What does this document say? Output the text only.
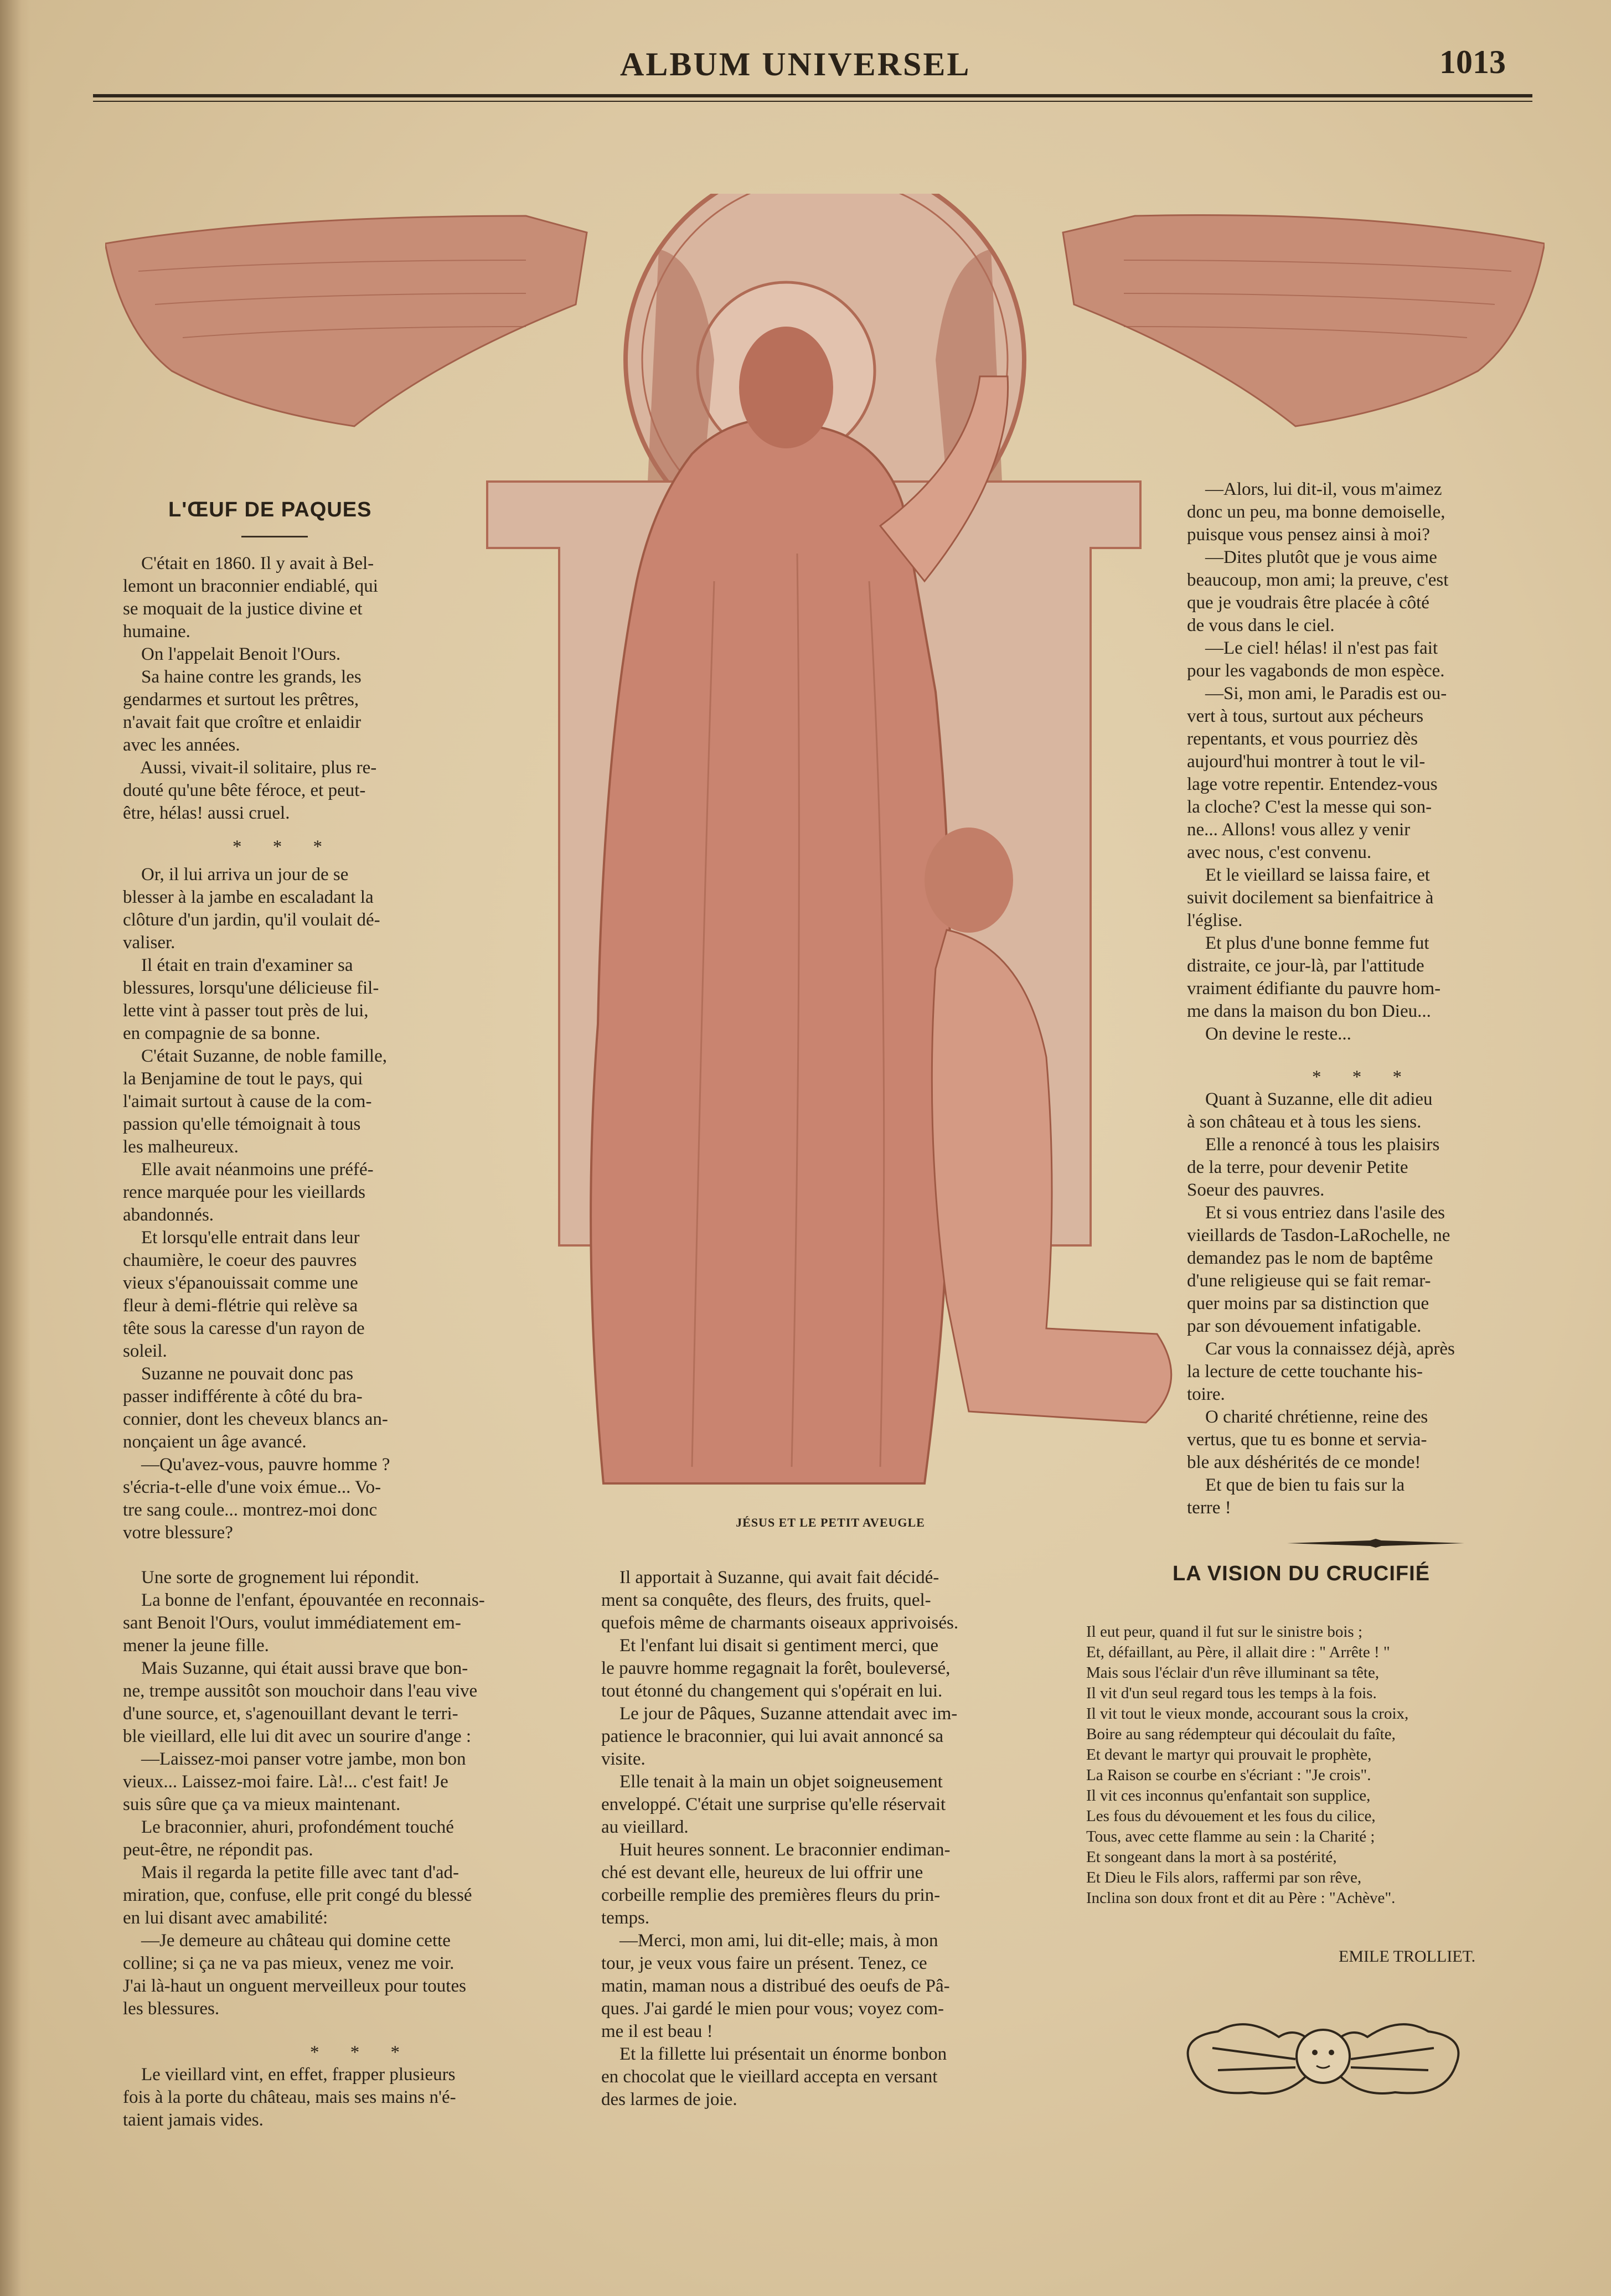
ALBUM UNIVERSEL	1013
JÉSUS ET LE PETIT AVEUGLE
L'ŒUF DE PAQUES
C'était en 1860. Il y avait à Bel-
lemont un braconnier endiablé, qui
se moquait de la justice divine et
humaine.
On l'appelait Benoit l'Ours.
Sa haine contre les grands, les
gendarmes et surtout les prêtres,
n'avait fait que croître et enlaidir
avec les années.
Aussi, vivait-il solitaire, plus re-
douté qu'une bête féroce, et peut-
être, hélas! aussi cruel.
* * *
Or, il lui arriva un jour de se
blesser à la jambe en escaladant la
clôture d'un jardin, qu'il voulait dé-
valiser.
Il était en train d'examiner sa
blessures, lorsqu'une délicieuse fil-
lette vint à passer tout près de lui,
en compagnie de sa bonne.
C'était Suzanne, de noble famille,
la Benjamine de tout le pays, qui
l'aimait surtout à cause de la com-
passion qu'elle témoignait à tous
les malheureux.
Elle avait néanmoins une préfé-
rence marquée pour les vieillards
abandonnés.
Et lorsqu'elle entrait dans leur
chaumière, le coeur des pauvres
vieux s'épanouissait comme une
fleur à demi-flétrie qui relève sa
tête sous la caresse d'un rayon de
soleil.
Suzanne ne pouvait donc pas
passer indifférente à côté du bra-
connier, dont les cheveux blancs an-
nonçaient un âge avancé.
—Qu'avez-vous, pauvre homme ?
s'écria-t-elle d'une voix émue... Vo-
tre sang coule... montrez-moi donc
votre blessure?
Une sorte de grognement lui répondit.
La bonne de l'enfant, épouvantée en reconnais-
sant Benoit l'Ours, voulut immédiatement em-
mener la jeune fille.
Mais Suzanne, qui était aussi brave que bon-
ne, trempe aussitôt son mouchoir dans l'eau vive
d'une source, et, s'agenouillant devant le terri-
ble vieillard, elle lui dit avec un sourire d'ange :
—Laissez-moi panser votre jambe, mon bon
vieux... Laissez-moi faire. Là!... c'est fait! Je
suis sûre que ça va mieux maintenant.
Le braconnier, ahuri, profondément touché
peut-être, ne répondit pas.
Mais il regarda la petite fille avec tant d'ad-
miration, que, confuse, elle prit congé du blessé
en lui disant avec amabilité:
—Je demeure au château qui domine cette
colline; si ça ne va pas mieux, venez me voir.
J'ai là-haut un onguent merveilleux pour toutes
les blessures.
* * *
Le vieillard vint, en effet, frapper plusieurs
fois à la porte du château, mais ses mains n'é-
taient jamais vides.
Il apportait à Suzanne, qui avait fait décidé-
ment sa conquête, des fleurs, des fruits, quel-
quefois même de charmants oiseaux apprivoisés.
Et l'enfant lui disait si gentiment merci, que
le pauvre homme regagnait la forêt, bouleversé,
tout étonné du changement qui s'opérait en lui.
Le jour de Pâques, Suzanne attendait avec im-
patience le braconnier, qui lui avait annoncé sa
visite.
Elle tenait à la main un objet soigneusement
enveloppé. C'était une surprise qu'elle réservait
au vieillard.
Huit heures sonnent. Le braconnier endiman-
ché est devant elle, heureux de lui offrir une
corbeille remplie des premières fleurs du prin-
temps.
—Merci, mon ami, lui dit-elle; mais, à mon
tour, je veux vous faire un présent. Tenez, ce
matin, maman nous a distribué des oeufs de Pâ-
ques. J'ai gardé le mien pour vous; voyez com-
me il est beau !
Et la fillette lui présentait un énorme bonbon
en chocolat que le vieillard accepta en versant
des larmes de joie.
—Alors, lui dit-il, vous m'aimez
donc un peu, ma bonne demoiselle,
puisque vous pensez ainsi à moi?
—Dites plutôt que je vous aime
beaucoup, mon ami; la preuve, c'est
que je voudrais être placée à côté
de vous dans le ciel.
—Le ciel! hélas! il n'est pas fait
pour les vagabonds de mon espèce.
—Si, mon ami, le Paradis est ou-
vert à tous, surtout aux pécheurs
repentants, et vous pourriez dès
aujourd'hui montrer à tout le vil-
lage votre repentir. Entendez-vous
la cloche? C'est la messe qui son-
ne... Allons! vous allez y venir
avec nous, c'est convenu.
Et le vieillard se laissa faire, et
suivit docilement sa bienfaitrice à
l'église.
Et plus d'une bonne femme fut
distraite, ce jour-là, par l'attitude
vraiment édifiante du pauvre hom-
me dans la maison du bon Dieu...
On devine le reste...
* * *
Quant à Suzanne, elle dit adieu
à son château et à tous les siens.
Elle a renoncé à tous les plaisirs
de la terre, pour devenir Petite
Soeur des pauvres.
Et si vous entriez dans l'asile des
vieillards de Tasdon-LaRochelle, ne
demandez pas le nom de baptême
d'une religieuse qui se fait remar-
quer moins par sa distinction que
par son dévouement infatigable.
Car vous la connaissez déjà, après
la lecture de cette touchante his-
toire.
O charité chrétienne, reine des
vertus, que tu es bonne et servia-
ble aux déshérités de ce monde!
Et que de bien tu fais sur la
terre !
LA VISION DU CRUCIFIÉ
Il eut peur, quand il fut sur le sinistre bois ;
Et, défaillant, au Père, il allait dire : " Arrête ! "
Mais sous l'éclair d'un rêve illuminant sa tête,
Il vit d'un seul regard tous les temps à la fois.
Il vit tout le vieux monde, accourant sous la croix,
Boire au sang rédempteur qui découlait du faîte,
Et devant le martyr qui prouvait le prophète,
La Raison se courbe en s'écriant : "Je crois".
Il vit ces inconnus qu'enfantait son supplice,
Les fous du dévouement et les fous du cilice,
Tous, avec cette flamme au sein : la Charité ;
Et songeant dans la mort à sa postérité,
Et Dieu le Fils alors, raffermi par son rêve,
Inclina son doux front et dit au Père : "Achève".
EMILE TROLLIET.
